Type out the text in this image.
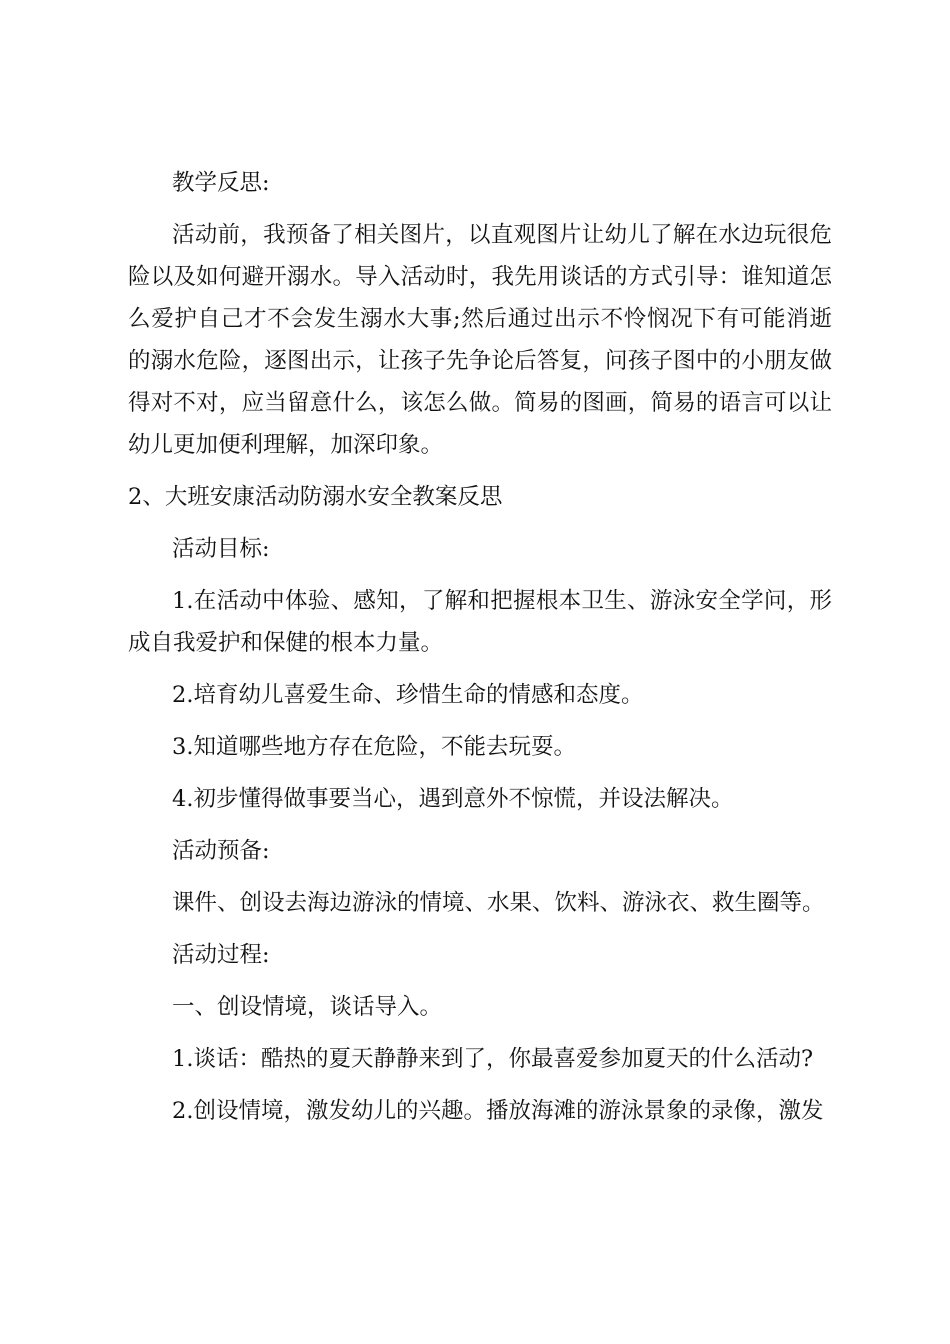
教学反思:

活动前，我预备了相关图片，以直观图片让幼儿了解在水边玩很危险以及如何避开溺水。导入活动时，我先用谈话的方式引导：谁知道怎么爱护自己才不会发生溺水大事;然后通过出示不怜悯况下有可能消逝的溺水危险，逐图出示，让孩子先争论后答复，问孩子图中的小朋友做得对不对，应当留意什么，该怎么做。简易的图画，简易的语言可以让幼儿更加便利理解，加深印象。

2、大班安康活动防溺水安全教案反思

活动目标:

1.在活动中体验、感知，了解和把握根本卫生、游泳安全学问，形成自我爱护和保健的根本力量。

2.培育幼儿喜爱生命、珍惜生命的情感和态度。

3.知道哪些地方存在危险，不能去玩耍。

4.初步懂得做事要当心，遇到意外不惊慌，并设法解决。

活动预备:

课件、创设去海边游泳的情境、水果、饮料、游泳衣、救生圈等。

活动过程:

一、创设情境，谈话导入。

1.谈话：酷热的夏天静静来到了，你最喜爱参加夏天的什么活动?

2.创设情境，激发幼儿的兴趣。播放海滩的游泳景象的录像，激发
